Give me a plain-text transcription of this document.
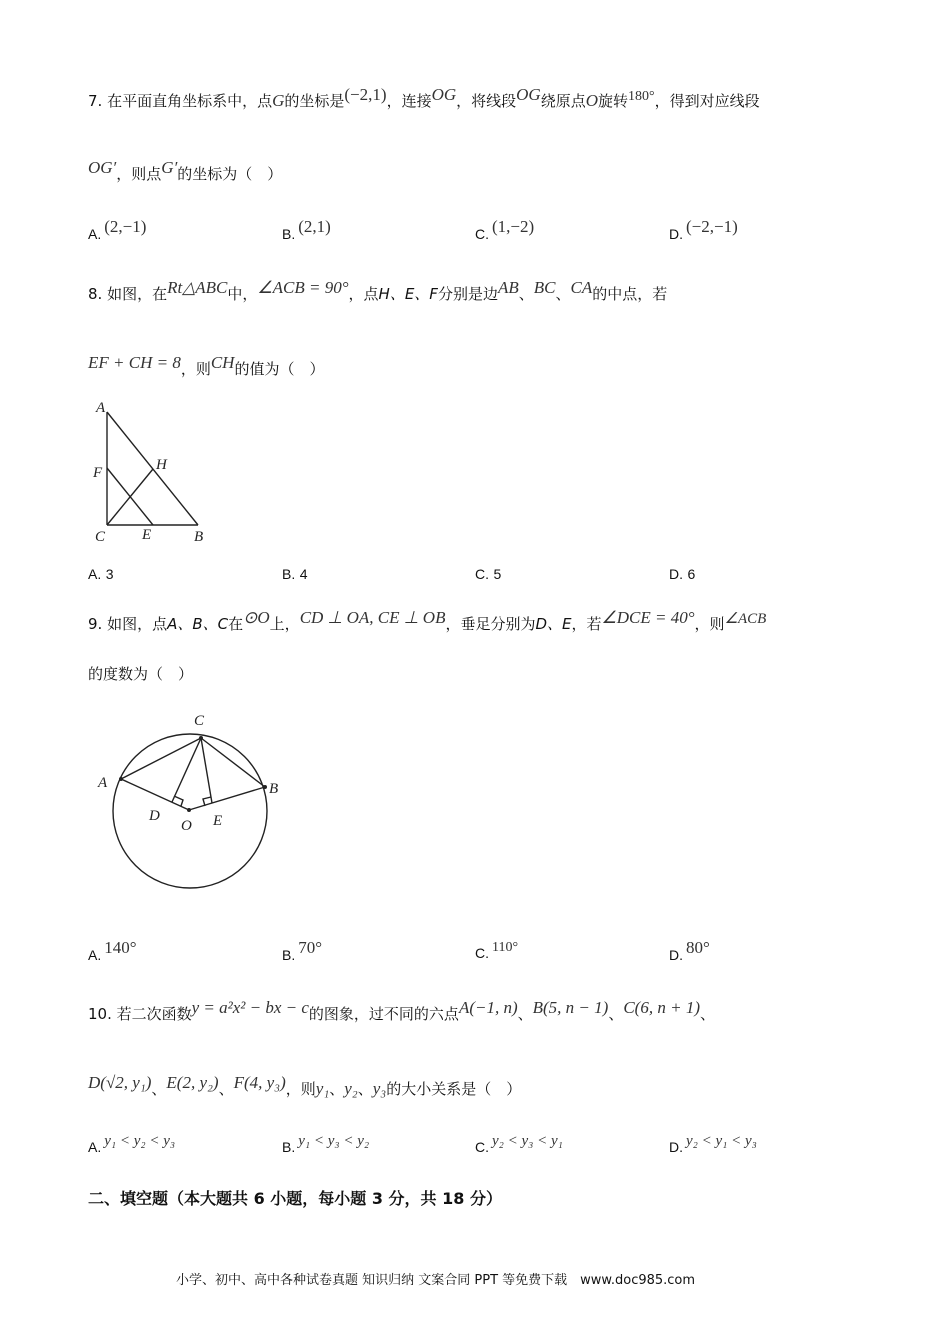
7. 在平面直角坐标系中，点G的坐标是(−2,1)，连接OG，将线段OG绕原点O旋转180°，得到对应线段
OG′，则点G′的坐标为（　）
A. (2,−1)	B. (2,1)	C. (1,−2)	D. (−2,−1)
8. 如图，在Rt△ABC中，∠ACB = 90°，点H、E、F分别是边AB、BC、CA的中点，若
EF + CH = 8，则CH的值为（　）
A
F	H
C E	B
A. 3	B. 4	C. 5	D. 6
9. 如图，点A、B、C在⊙O上，CD ⊥ OA, CE ⊥ OB，垂足分别为D、E，若∠DCE = 40°，则∠ACB
的度数为（　）
C
A	B
D
O E
A. 140°	B. 70°	C. 110°	D. 80°
10. 若二次函数y = a²x² − bx − c的图象，过不同的六点A(−1, n)、B(5, n − 1)、C(6, n + 1)、
D(√2, y₁)、E(2, y₂)、F(4, y₃)，则y₁、y₂、y₃的大小关系是（　）
A. y₁ < y₂ < y₃	B. y₁ < y₃ < y₂	C. y₂ < y₃ < y₁	D. y₂ < y₁ < y₃
二、填空题（本大题共 6 小题，每小题 3 分，共 18 分）
小学、初中、高中各种试卷真题 知识归纳 文案合同 PPT 等免费下载　www.doc985.com
